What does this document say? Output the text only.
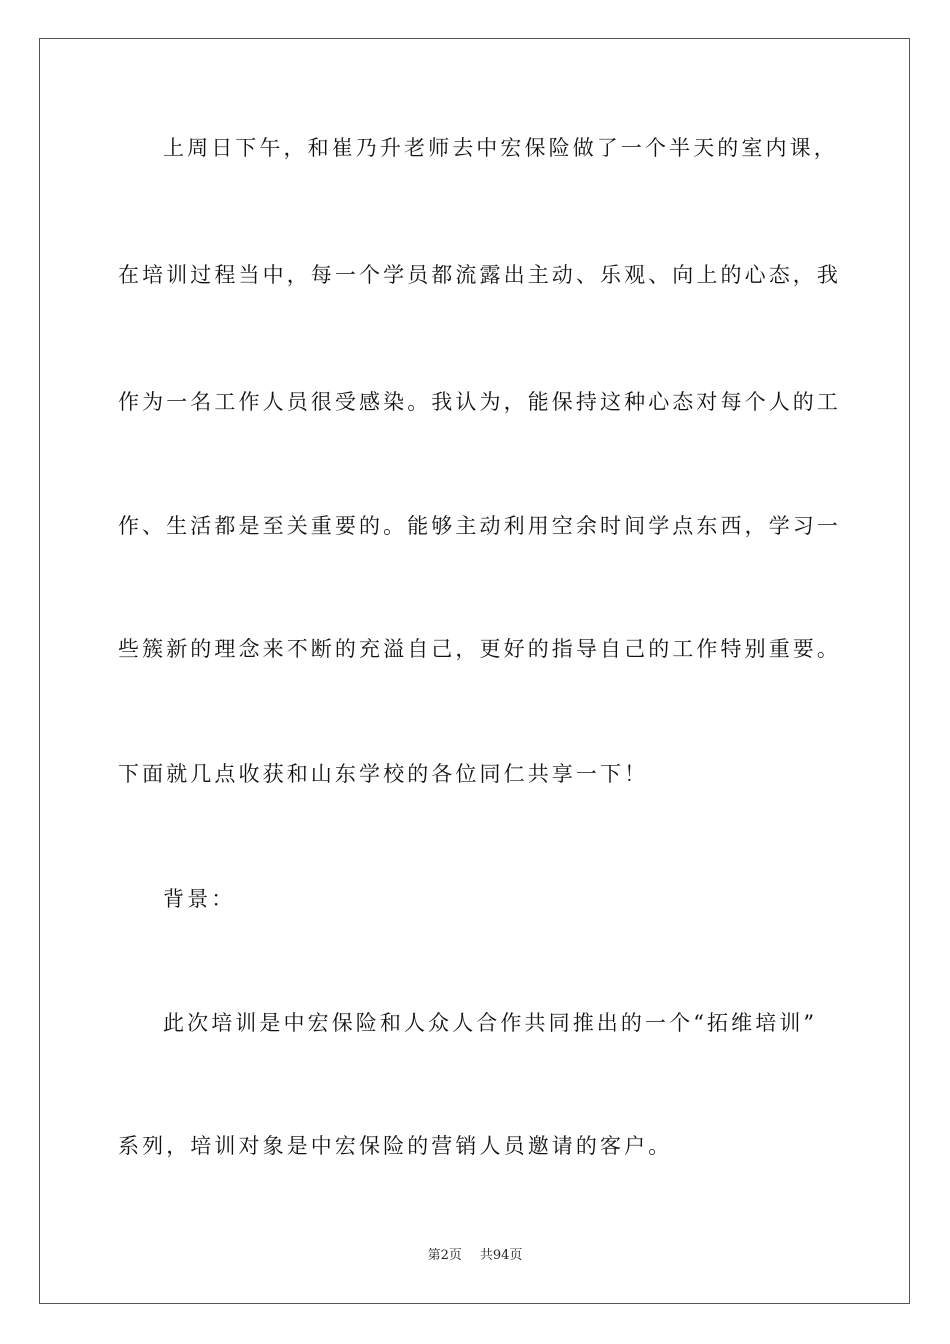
上周日下午，和崔乃升老师去中宏保险做了一个半天的室内课，
在培训过程当中，每一个学员都流露出主动、乐观、向上的心态，我
作为一名工作人员很受感染。我认为，能保持这种心态对每个人的工
作、生活都是至关重要的。能够主动利用空余时间学点东西，学习一
些簇新的理念来不断的充溢自己，更好的指导自己的工作特别重要。
下面就几点收获和山东学校的各位同仁共享一下！
背景：
此次培训是中宏保险和人众人合作共同推出的一个“拓维培训”
系列，培训对象是中宏保险的营销人员邀请的客户。
第2页 共94页
